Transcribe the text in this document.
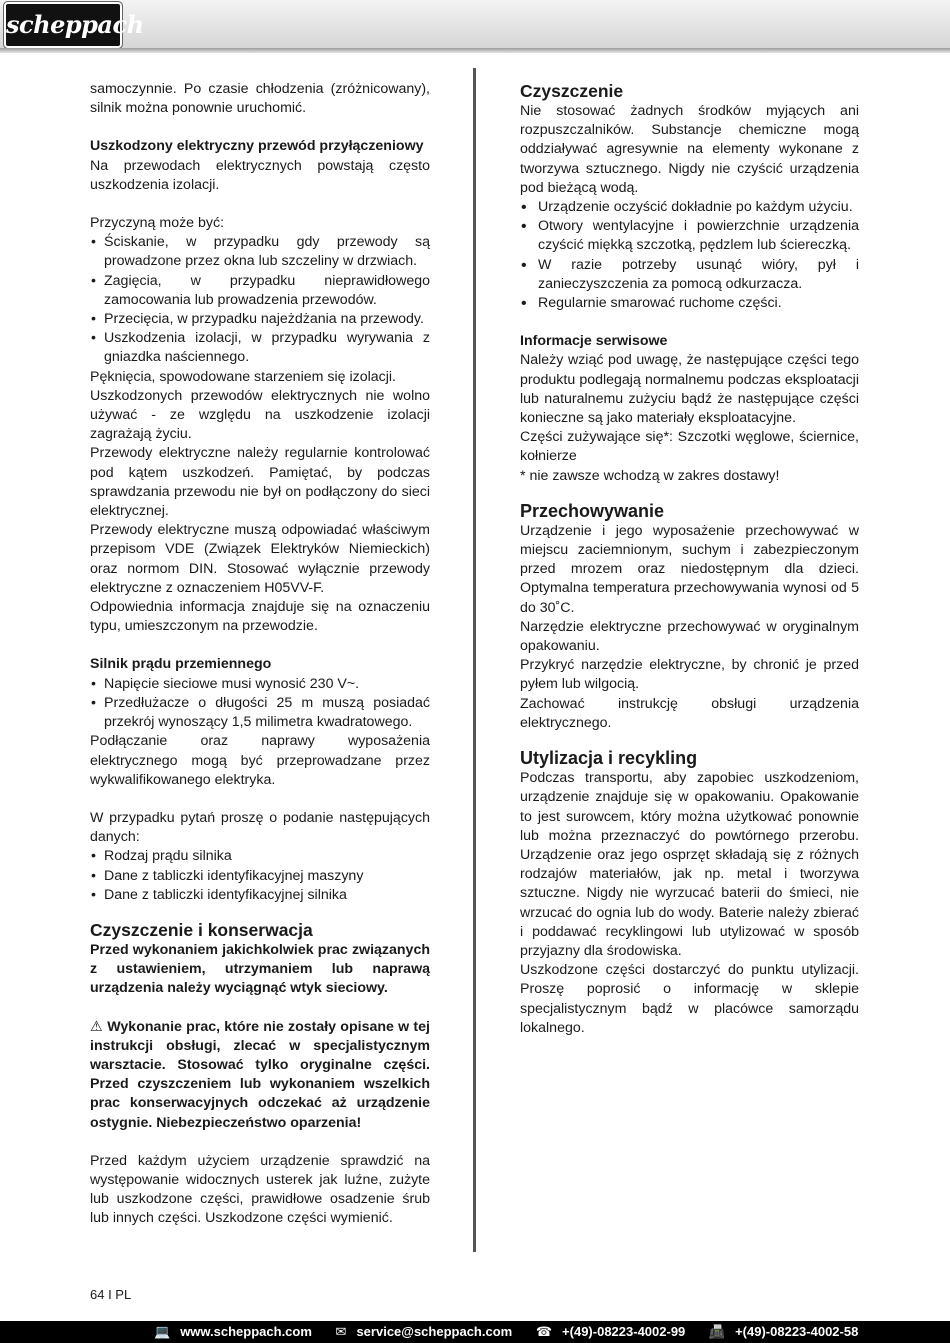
scheppach

samoczynnie. Po czasie chłodzenia (zróżnicowany), silnik można ponownie uruchomić.

Uszkodzony elektryczny przewód przyłączeniowy

Na przewodach elektrycznych powstają często uszkodzenia izolacji.

Przyczyną może być:

• Ściskanie, w przypadku gdy przewody są prowadzone przez okna lub szczeliny w drzwiach.
• Zagięcia, w przypadku nieprawidłowego zamocowania lub prowadzenia przewodów.
• Przecięcia, w przypadku najeżdżania na przewody.
• Uszkodzenia izolacji, w przypadku wyrywania z gniazdka naściennego.

Pęknięcia, spowodowane starzeniem się izolacji.

Uszkodzonych przewodów elektrycznych nie wolno używać - ze względu na uszkodzenie izolacji zagrażają życiu.

Przewody elektryczne należy regularnie kontrolować pod kątem uszkodzeń. Pamiętać, by podczas sprawdzania przewodu nie był on podłączony do sieci elektrycznej.

Przewody elektryczne muszą odpowiadać właściwym przepisom VDE (Związek Elektryków Niemieckich) oraz normom DIN. Stosować wyłącznie przewody elektryczne z oznaczeniem H05VV-F.

Odpowiednia informacja znajduje się na oznaczeniu typu, umieszczonym na przewodzie.

Silnik prądu przemiennego

• Napięcie sieciowe musi wynosić 230 V~.
• Przedłużacze o długości 25 m muszą posiadać przekrój wynoszący 1,5 milimetra kwadratowego.

Podłączanie oraz naprawy wyposażenia elektrycznego mogą być przeprowadzane przez wykwalifikowanego elektryka.

W przypadku pytań proszę o podanie następujących danych:

• Rodzaj prądu silnika
• Dane z tabliczki identyfikacyjnej maszyny
• Dane z tabliczki identyfikacyjnej silnika

Czyszczenie i konserwacja

Przed wykonaniem jakichkolwiek prac związanych z ustawieniem, utrzymaniem lub naprawą urządzenia należy wyciągnąć wtyk sieciowy.

⚠ Wykonanie prac, które nie zostały opisane w tej instrukcji obsługi, zlecać w specjalistycznym warsztacie. Stosować tylko oryginalne części. Przed czyszczeniem lub wykonaniem wszelkich prac konserwacyjnych odczekać aż urządzenie ostygnie. Niebezpieczeństwo oparzenia!

Przed każdym użyciem urządzenie sprawdzić na występowanie widocznych usterek jak luźne, zużyte lub uszkodzone części, prawidłowe osadzenie śrub lub innych części. Uszkodzone części wymienić.

Czyszczenie

Nie stosować żadnych środków myjących ani rozpuszczalników. Substancje chemiczne mogą oddziaływać agresywnie na elementy wykonane z tworzywa sztucznego. Nigdy nie czyścić urządzenia pod bieżącą wodą.

• Urządzenie oczyścić dokładnie po każdym użyciu.
• Otwory wentylacyjne i powierzchnie urządzenia czyścić miękką szczotką, pędzlem lub ściereczką.
• W razie potrzeby usunąć wióry, pył i zanieczyszczenia za pomocą odkurzacza.
• Regularnie smarować ruchome części.

Informacje serwisowe

Należy wziąć pod uwagę, że następujące części tego produktu podlegają normalnemu podczas eksploatacji lub naturalnemu zużyciu bądź że następujące części konieczne są jako materiały eksploatacyjne.

Części zużywające się*: Szczotki węglowe, ściernice, kołnierze

* nie zawsze wchodzą w zakres dostawy!

Przechowywanie

Urządzenie i jego wyposażenie przechowywać w miejscu zaciemnionym, suchym i zabezpieczonym przed mrozem oraz niedostępnym dla dzieci. Optymalna temperatura przechowywania wynosi od 5 do 30˚C.

Narzędzie elektryczne przechowywać w oryginalnym opakowaniu.

Przykryć narzędzie elektryczne, by chronić je przed pyłem lub wilgocią.

Zachować instrukcję obsługi urządzenia elektrycznego.

Utylizacja i recykling

Podczas transportu, aby zapobiec uszkodzeniom, urządzenie znajduje się w opakowaniu. Opakowanie to jest surowcem, który można użytkować ponownie lub można przeznaczyć do powtórnego przerobu. Urządzenie oraz jego osprzęt składają się z różnych rodzajów materiałów, jak np. metal i tworzywa sztuczne. Nigdy nie wyrzucać baterii do śmieci, nie wrzucać do ognia lub do wody. Baterie należy zbierać i poddawać recyklingowi lub utylizować w sposób przyjazny dla środowiska.

Uszkodzone części dostarczyć do punktu utylizacji. Proszę poprosić o informację w sklepie specjalistycznym bądź w placówce samorządu lokalnego.

64 I PL
💻 www.scheppach.com ✉ service@scheppach.com ☎ +(49)-08223-4002-99 📠 +(49)-08223-4002-58
